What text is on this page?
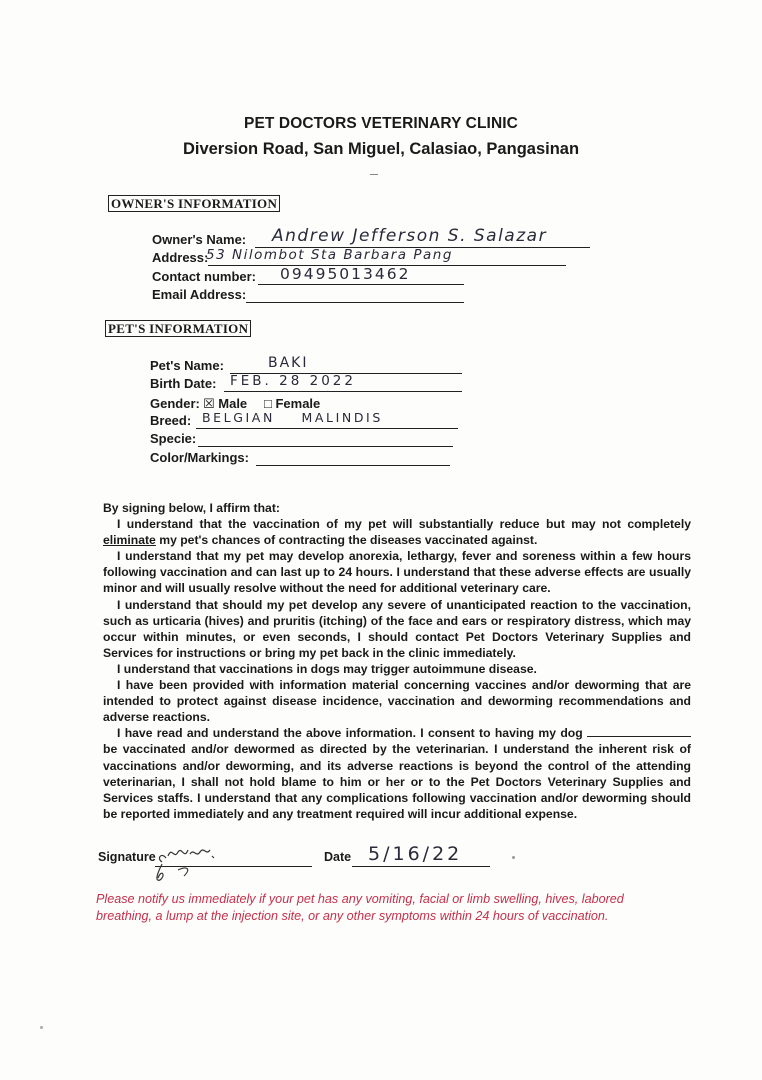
PET DOCTORS VETERINARY CLINIC
Diversion Road, San Miguel, Calasiao, Pangasinan
OWNER'S INFORMATION
Owner's Name: Andrew Jefferson S. Salazar
Address:
53 Nilombot Sta Barbara Pang
Contact number: 09495013462
Email Address:
PET'S INFORMATION
Pet's Name:	BAKI
Birth Date: FEB. 28 2022
Gender: ☒ Male □ Female
Breed: BELGIAN MALINDIS
Specie:
Color/Markings:

By signing below, I affirm that:

I understand that the vaccination of my pet will substantially reduce but may not completely eliminate my pet's chances of contracting the diseases vaccinated against.

I understand that my pet may develop anorexia, lethargy, fever and soreness within a few hours following vaccination and can last up to 24 hours. I understand that these adverse effects are usually minor and will usually resolve without the need for additional veterinary care.

I understand that should my pet develop any severe of unanticipated reaction to the vaccination, such as urticaria (hives) and pruritis (itching) of the face and ears or respiratory distress, which may occur within minutes, or even seconds, I should contact Pet Doctors Veterinary Supplies and Services for instructions or bring my pet back in the clinic immediately.

I understand that vaccinations in dogs may trigger autoimmune disease.

I have been provided with information material concerning vaccines and/or deworming that are intended to protect against disease incidence, vaccination and deworming recommendations and adverse reactions.

I have read and understand the above information. I consent to having my dog  be vaccinated and/or dewormed as directed by the veterinarian. I understand the inherent risk of vaccinations and/or deworming, and its adverse reactions is beyond the control of the attending veterinarian, I shall not hold blame to him or her or to the Pet Doctors Veterinary Supplies and Services staffs. I understand that any complications following vaccination and/or deworming should be reported immediately and any treatment required will incur additional expense.

Signature	Date 5/16/22
Please notify us immediately if your pet has any vomiting, facial or limb swelling, hives, labored breathing, a lump at the injection site, or any other symptoms within 24 hours of vaccination.
